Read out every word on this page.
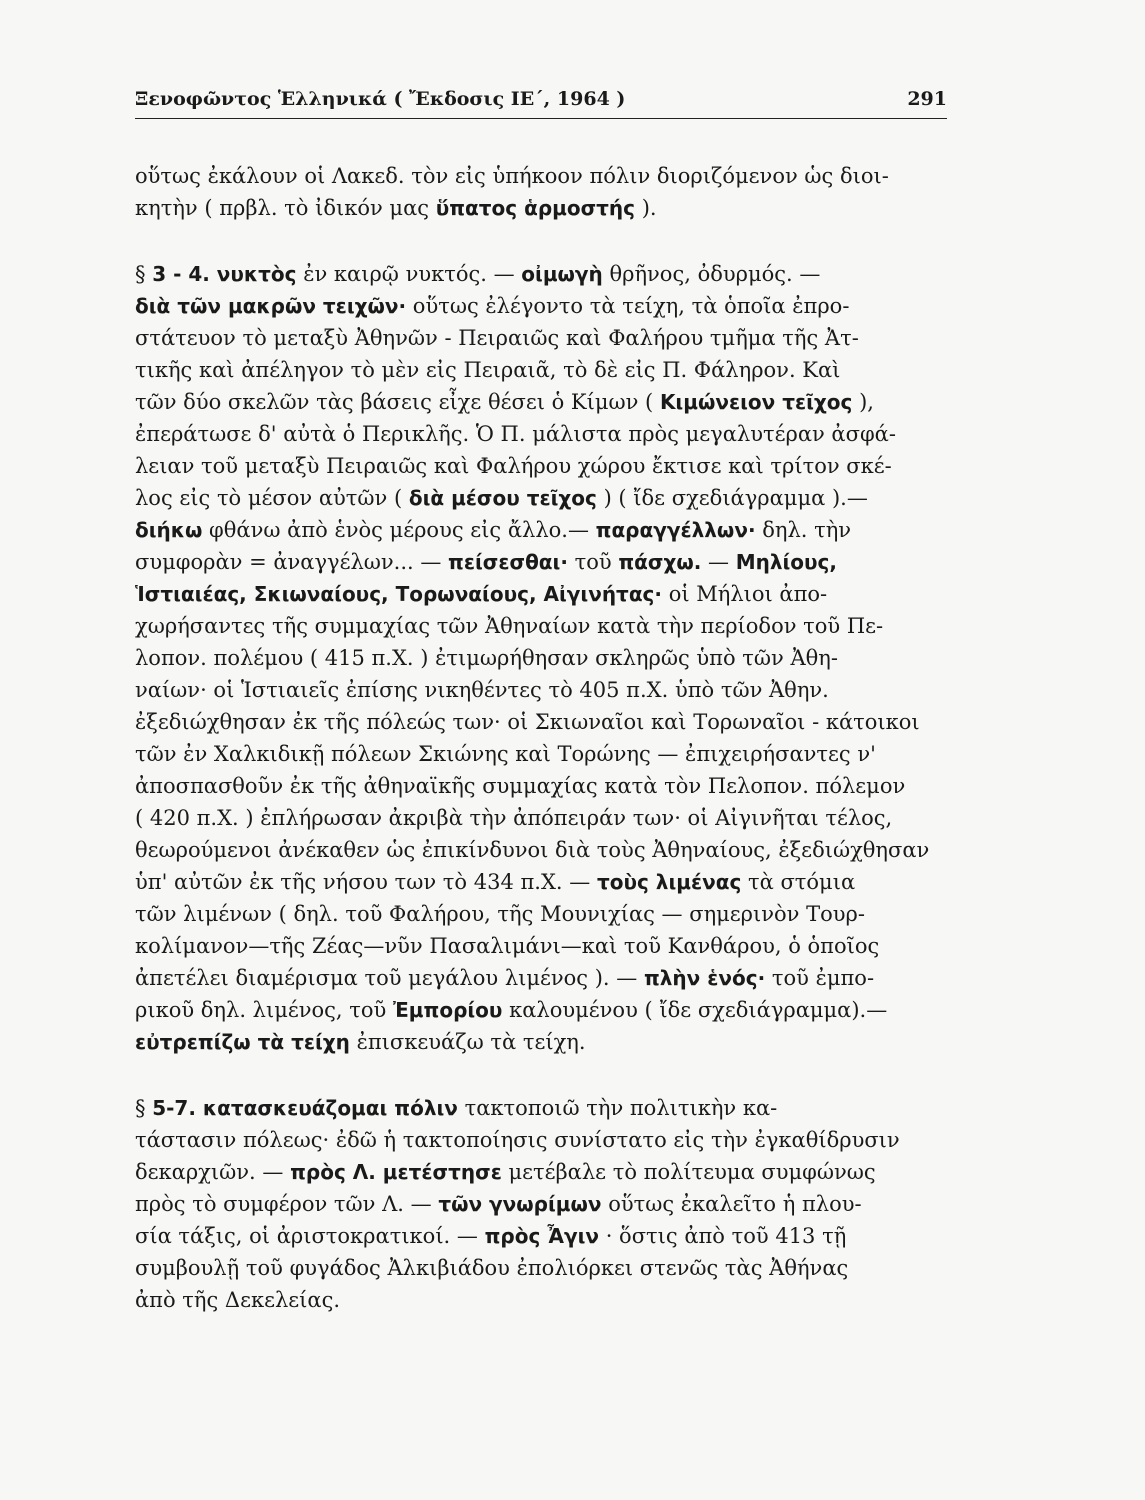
Ξενοφῶντος Ἑλληνικά ( Ἔκδοσις ΙΕ΄, 1964 )	291
οὕτως ἐκάλουν οἱ Λακεδ. τὸν εἰς ὑπήκοον πόλιν διοριζόμενον ὡς διοι-
κητὴν ( πρβλ. τὸ ἰδικόν μας ὕπατος ἁρμοστής ).
§ 3 - 4. νυκτὸς ἐν καιρῷ νυκτός. — οἰμωγὴ θρῆνος, ὀδυρμός. —
διὰ τῶν μακρῶν τειχῶν· οὕτως ἐλέγοντο τὰ τείχη, τὰ ὁποῖα ἐπρο-
στάτευον τὸ μεταξὺ Ἀθηνῶν - Πειραιῶς καὶ Φαλήρου τμῆμα τῆς Ἀτ-
τικῆς καὶ ἀπέληγον τὸ μὲν εἰς Πειραιᾶ, τὸ δὲ εἰς Π. Φάληρον. Καὶ
τῶν δύο σκελῶν τὰς βάσεις εἶχε θέσει ὁ Κίμων ( Κιμώνειον τεῖχος ),
ἐπεράτωσε δ' αὐτὰ ὁ Περικλῆς. Ὁ Π. μάλιστα πρὸς μεγαλυτέραν ἀσφά-
λειαν τοῦ μεταξὺ Πειραιῶς καὶ Φαλήρου χώρου ἔκτισε καὶ τρίτον σκέ-
λος εἰς τὸ μέσον αὐτῶν ( διὰ μέσου τεῖχος ) ( ἴδε σχεδιάγραμμα ).—
διήκω φθάνω ἀπὸ ἑνὸς μέρους εἰς ἄλλο.— παραγγέλλων· δηλ. τὴν
συμφορὰν = ἀναγγέλων... — πείσεσθαι· τοῦ πάσχω. — Μηλίους,
Ἱστιαιέας, Σκιωναίους, Τορωναίους, Αἰγινήτας· οἱ Μήλιοι ἀπο-
χωρήσαντες τῆς συμμαχίας τῶν Ἀθηναίων κατὰ τὴν περίοδον τοῦ Πε-
λοπον. πολέμου ( 415 π.Χ. ) ἐτιμωρήθησαν σκληρῶς ὑπὸ τῶν Ἀθη-
ναίων· οἱ Ἱστιαιεῖς ἐπίσης νικηθέντες τὸ 405 π.Χ. ὑπὸ τῶν Ἀθην.
ἐξεδιώχθησαν ἐκ τῆς πόλεώς των· οἱ Σκιωναῖοι καὶ Τορωναῖοι - κάτοικοι
τῶν ἐν Χαλκιδικῇ πόλεων Σκιώνης καὶ Τορώνης — ἐπιχειρήσαντες ν'
ἀποσπασθοῦν ἐκ τῆς ἀθηναϊκῆς συμμαχίας κατὰ τὸν Πελοπον. πόλεμον
( 420 π.Χ. ) ἐπλήρωσαν ἀκριβὰ τὴν ἀπόπειράν των· οἱ Αἰγινῆται τέλος,
θεωρούμενοι ἀνέκαθεν ὡς ἐπικίνδυνοι διὰ τοὺς Ἀθηναίους, ἐξεδιώχθησαν
ὑπ' αὐτῶν ἐκ τῆς νήσου των τὸ 434 π.Χ. — τοὺς λιμένας τὰ στόμια
τῶν λιμένων ( δηλ. τοῦ Φαλήρου, τῆς Μουνιχίας — σημερινὸν Τουρ-
κολίμανον—τῆς Ζέας—νῦν Πασαλιμάνι—καὶ τοῦ Κανθάρου, ὁ ὁποῖος
ἀπετέλει διαμέρισμα τοῦ μεγάλου λιμένος ). — πλὴν ἑνός· τοῦ ἐμπο-
ρικοῦ δηλ. λιμένος, τοῦ Ἐμπορίου καλουμένου ( ἴδε σχεδιάγραμμα).—
εὐτρεπίζω τὰ τείχη ἐπισκευάζω τὰ τείχη.
§ 5-7. κατασκευάζομαι πόλιν τακτοποιῶ τὴν πολιτικὴν κα-
τάστασιν πόλεως· ἐδῶ ἡ τακτοποίησις συνίστατο εἰς τὴν ἐγκαθίδρυσιν
δεκαρχιῶν. — πρὸς Λ. μετέστησε μετέβαλε τὸ πολίτευμα συμφώνως
πρὸς τὸ συμφέρον τῶν Λ. — τῶν γνωρίμων οὕτως ἐκαλεῖτο ἡ πλου-
σία τάξις, οἱ ἀριστοκρατικοί. — πρὸς Ἆγιν · ὅστις ἀπὸ τοῦ 413 τῇ
συμβουλῇ τοῦ φυγάδος Ἀλκιβιάδου ἐπολιόρκει στενῶς τὰς Ἀθήνας
ἀπὸ τῆς Δεκελείας.
